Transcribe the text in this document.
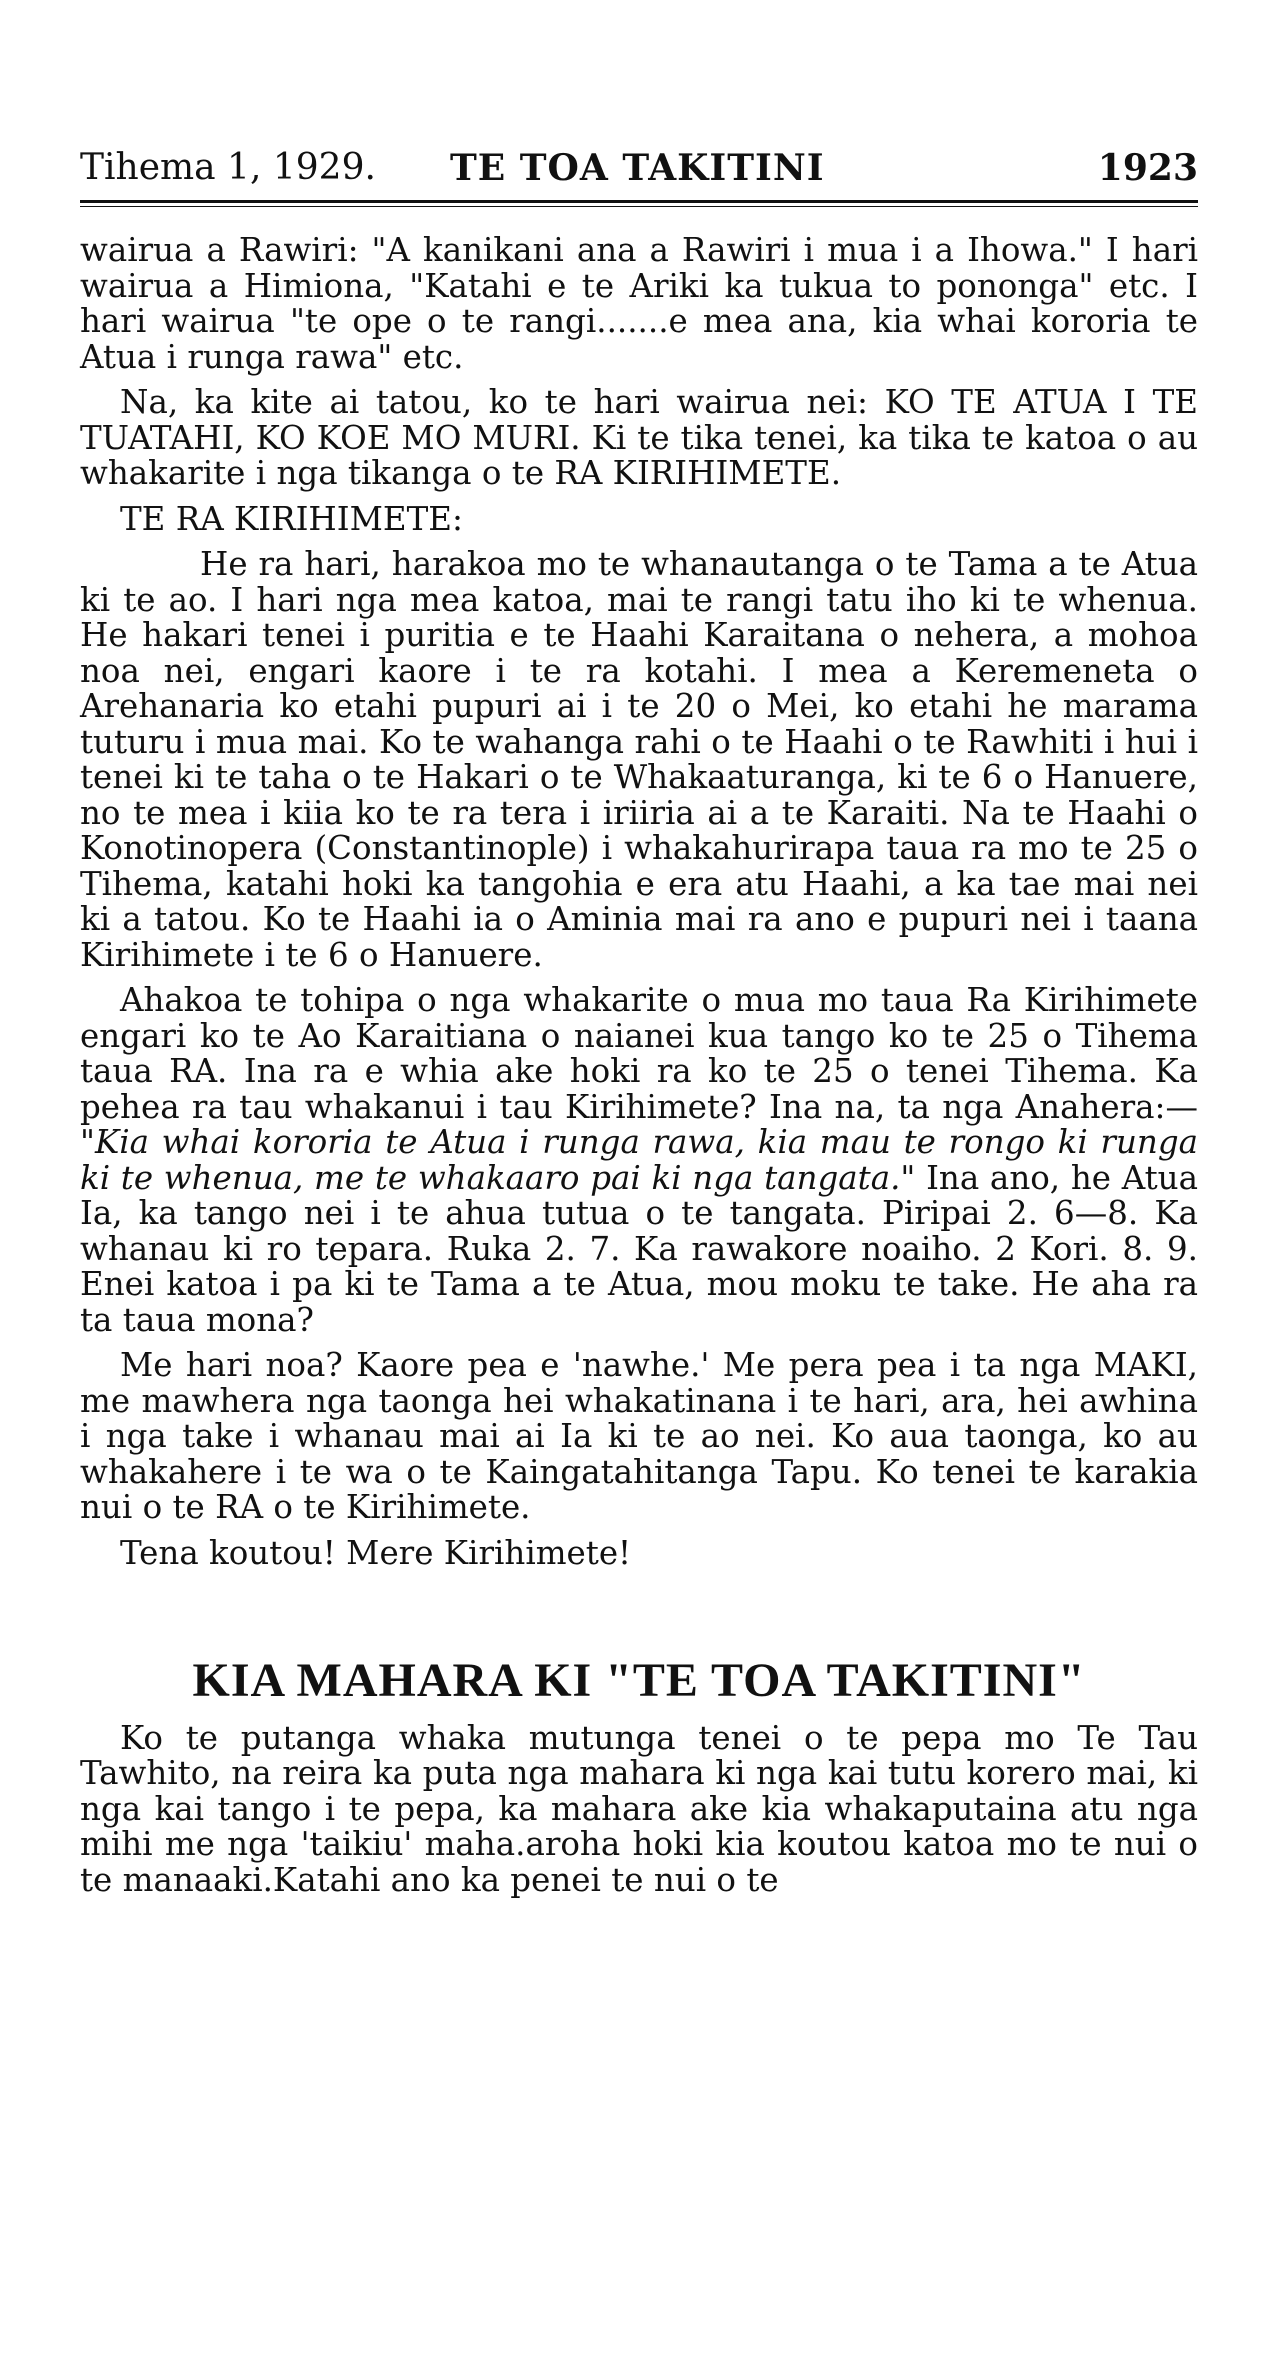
Tihema 1, 1929.	TE TOA TAKITINI	1923

wairua a Rawiri: "A kanikani ana a Rawiri i mua i a Ihowa." I hari wairua a Himiona, "Katahi e te Ariki ka tukua to pononga" etc. I hari wairua "te ope o te rangi.......e mea ana, kia whai kororia te Atua i runga rawa" etc.

Na, ka kite ai tatou, ko te hari wairua nei: KO TE ATUA I TE TUATAHI, KO KOE MO MURI. Ki te tika tenei, ka tika te katoa o au whakarite i nga tikanga o te RA KIRIHIMETE.

TE RA KIRIHIMETE:

He ra hari, harakoa mo te whanautanga o te Tama a te Atua ki te ao. I hari nga mea katoa, mai te rangi tatu iho ki te whenua. He hakari tenei i puritia e te Haahi Karaitana o nehera, a mohoa noa nei, engari kaore i te ra kotahi. I mea a Keremeneta o Arehanaria ko etahi pupuri ai i te 20 o Mei, ko etahi he marama tuturu i mua mai. Ko te wahanga rahi o te Haahi o te Rawhiti i hui i tenei ki te taha o te Hakari o te Whakaaturanga, ki te 6 o Hanuere, no te mea i kiia ko te ra tera i iriiria ai a te Karaiti. Na te Haahi o Konotinopera (Constantinople) i whakahurirapa taua ra mo te 25 o Tihema, katahi hoki ka tangohia e era atu Haahi, a ka tae mai nei ki a tatou. Ko te Haahi ia o Aminia mai ra ano e pupuri nei i taana Kirihimete i te 6 o Hanuere.

Ahakoa te tohipa o nga whakarite o mua mo taua Ra Kirihimete engari ko te Ao Karaitiana o naianei kua tango ko te 25 o Tihema taua RA. Ina ra e whia ake hoki ra ko te 25 o tenei Tihema. Ka pehea ra tau whakanui i tau Kirihimete? Ina na, ta nga Anahera:— "Kia whai kororia te Atua i runga rawa, kia mau te rongo ki runga ki te whenua, me te whakaaro pai ki nga tangata." Ina ano, he Atua Ia, ka tango nei i te ahua tutua o te tangata. Piripai 2. 6—8. Ka whanau ki ro tepara. Ruka 2. 7. Ka rawakore noaiho. 2 Kori. 8. 9. Enei katoa i pa ki te Tama a te Atua, mou moku te take. He aha ra ta taua mona?

Me hari noa? Kaore pea e 'nawhe.' Me pera pea i ta nga MAKI, me mawhera nga taonga hei whakatinana i te hari, ara, hei awhina i nga take i whanau mai ai Ia ki te ao nei. Ko aua taonga, ko au whakahere i te wa o te Kaingatahitanga Tapu. Ko tenei te karakia nui o te RA o te Kirihimete.

Tena koutou! Mere Kirihimete!

KIA MAHARA KI "TE TOA TAKITINI"

Ko te putanga whaka mutunga tenei o te pepa mo Te Tau Tawhito, na reira ka puta nga mahara ki nga kai tutu korero mai, ki nga kai tango i te pepa, ka mahara ake kia whakaputaina atu nga mihi me nga 'taikiu' maha.aroha hoki kia koutou katoa mo te nui o te manaaki.Katahi ano ka penei te nui o te
